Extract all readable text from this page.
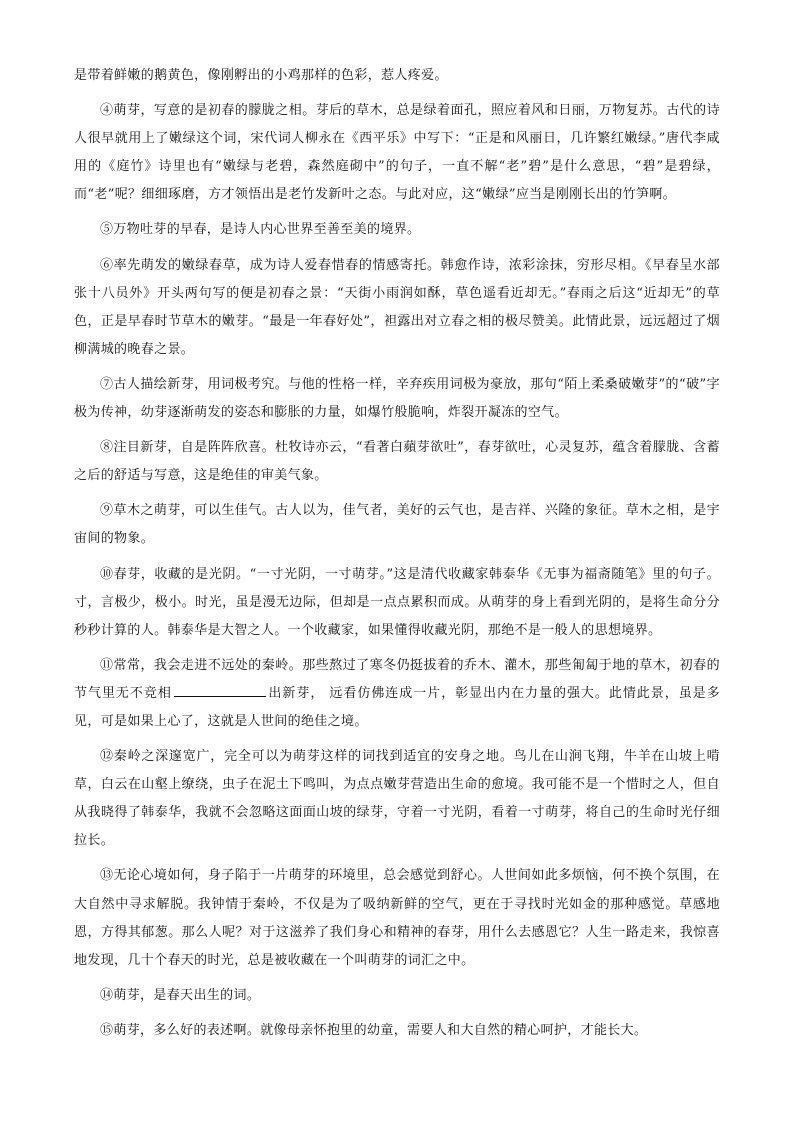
是带着鲜嫩的鹅黄色，像刚孵出的小鸡那样的色彩，惹人疼爱。

④萌芽，写意的是初春的朦胧之相。芽后的草木，总是绿着面孔，照应着风和日丽，万物复苏。古代的诗人很早就用上了嫩绿这个词，宋代词人柳永在《西平乐》中写下：“正是和风丽日，几许繁红嫩绿。”唐代李咸用的《庭竹》诗里也有“嫩绿与老碧，森然庭砌中”的句子，一直不解“老”碧”是什么意思，“碧”是碧绿，而“老”呢？细细琢磨，方才领悟出是老竹发新叶之态。与此对应，这“嫩绿”应当是刚刚长出的竹笋啊。

⑤万物吐芽的早春，是诗人内心世界至善至美的境界。

⑥率先萌发的嫩绿春草，成为诗人爱春惜春的情感寄托。韩愈作诗，浓彩涂抹，穷形尽相。《早春呈水部张十八员外》开头两句写的便是初春之景：“天街小雨润如酥，草色遥看近却无。”春雨之后这“近却无”的草色，正是早春时节草木的嫩芽。“最是一年春好处”，袒露出对立春之相的极尽赞美。此情此景，远远超过了烟柳满城的晚春之景。

⑦古人描绘新芽，用词极考究。与他的性格一样，辛弃疾用词极为豪放，那句“陌上柔桑破嫩芽”的“破”字极为传神，幼芽逐渐萌发的姿态和膨胀的力量，如爆竹般脆响，炸裂开凝冻的空气。

⑧注目新芽，自是阵阵欣喜。杜牧诗亦云，“看著白蘋芽欲吐”，春芽欲吐，心灵复苏，蕴含着朦胧、含蓄之后的舒适与写意，这是绝佳的审美气象。

⑨草木之萌芽，可以生佳气。古人以为，佳气者，美好的云气也，是吉祥、兴隆的象征。草木之相，是宇宙间的物象。

⑩春芽，收藏的是光阴。“一寸光阴，一寸萌芽。”这是清代收藏家韩泰华《无事为福斋随笔》里的句子。寸，言极少，极小。时光，虽是漫无边际，但却是一点点累积而成。从萌芽的身上看到光阴的，是将生命分分秒秒计算的人。韩泰华是大智之人。一个收藏家，如果懂得收藏光阴，那绝不是一般人的思想境界。

⑪常常，我会走进不远处的秦岭。那些熬过了寒冬仍挺拔着的乔木、灌木，那些匍匐于地的草木，初春的节气里无不竞相	出新芽， 远看仿佛连成一片，彰显出内在力量的强大。此情此景，虽是多见，可是如果上心了，这就是人世间的绝佳之境。

⑫秦岭之深邃宽广，完全可以为萌芽这样的词找到适宜的安身之地。鸟儿在山涧飞翔，牛羊在山坡上啃草，白云在山壑上缭绕，虫子在泥土下鸣叫，为点点嫩芽营造出生命的愈境。我可能不是一个惜时之人，但自从我晓得了韩泰华，我就不会忽略这面面山坡的绿芽，守着一寸光阴，看着一寸萌芽，将自己的生命时光仔细拉长。

⑬无论心境如何，身子陷于一片萌芽的环境里，总会感觉到舒心。人世间如此多烦恼，何不换个氛围，在大自然中寻求解脱。我钟情于秦岭，不仅是为了吸纳新鲜的空气，更在于寻找时光如金的那种感觉。草感地恩，方得其郁葱。那么人呢？对于这滋养了我们身心和精神的春芽，用什么去感恩它？人生一路走来，我惊喜地发现，几十个春天的时光，总是被收藏在一个叫萌芽的词汇之中。

⑭萌芽，是春天出生的词。

⑮萌芽，多么好的表述啊。就像母亲怀抱里的幼童，需要人和大自然的精心呵护，才能长大。
